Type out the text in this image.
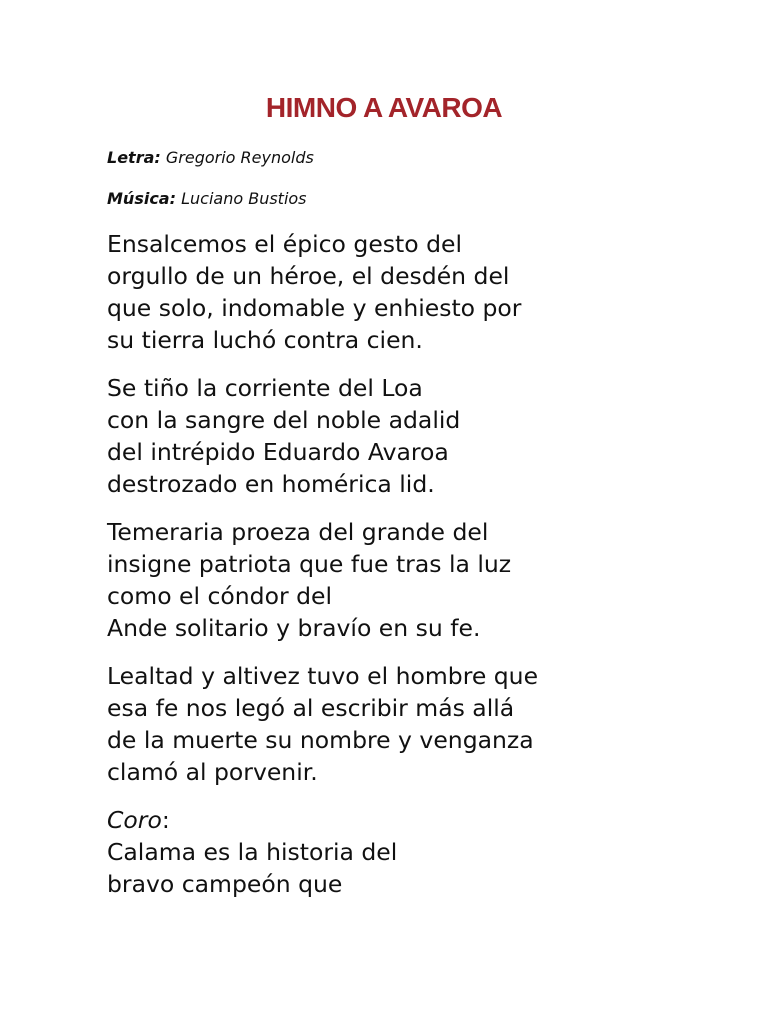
HIMNO A AVAROA
Letra: Gregorio Reynolds
Música: Luciano Bustios
Ensalcemos el épico gesto del
orgullo de un héroe, el desdén del
que solo, indomable y enhiesto por
su tierra luchó contra cien.
Se tiño la corriente del Loa
con la sangre del noble adalid
del intrépido Eduardo Avaroa
destrozado en homérica lid.
Temeraria proeza del grande del
insigne patriota que fue tras la luz
como el cóndor del
Ande solitario y bravío en su fe.
Lealtad y altivez tuvo el hombre que
esa fe nos legó al escribir más allá
de la muerte su nombre y venganza
clamó al porvenir.
Coro:
Calama es la historia del
bravo campeón que
